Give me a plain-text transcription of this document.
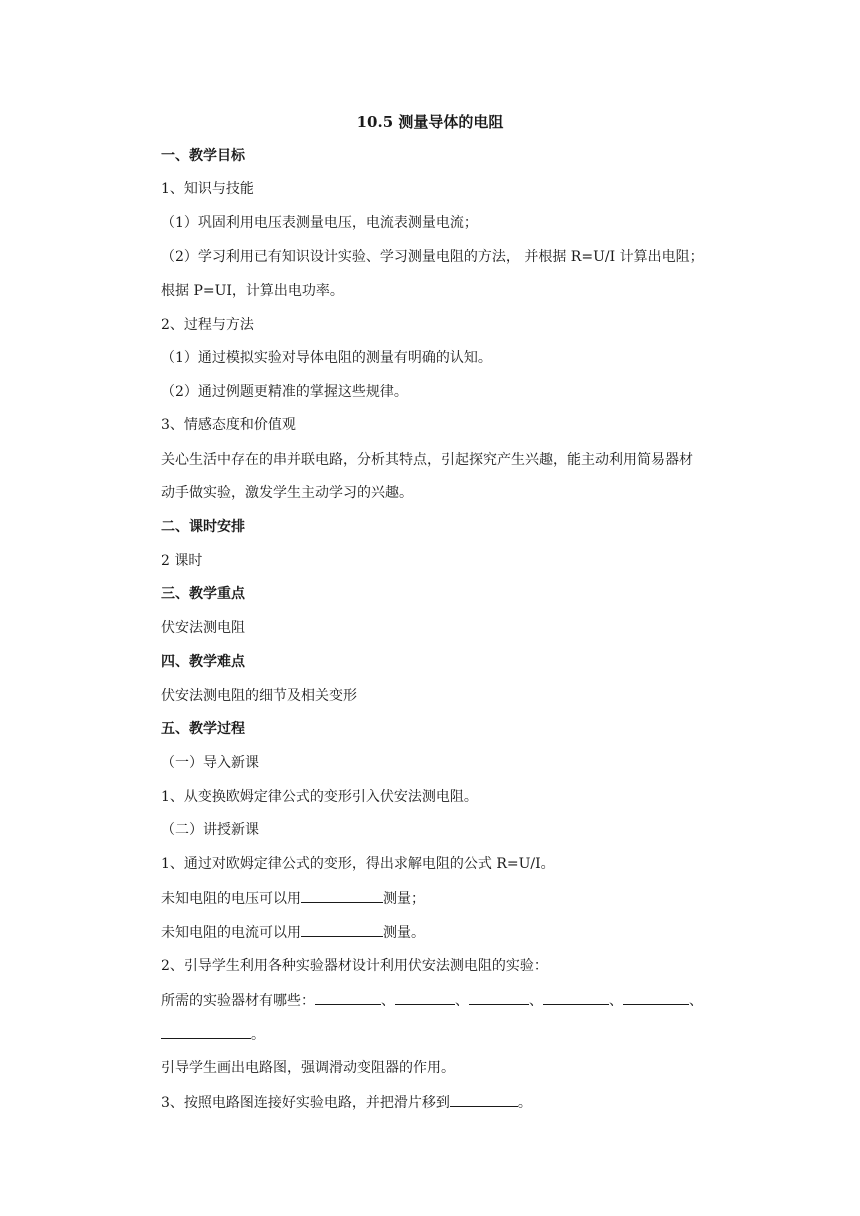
10.5 测量导体的电阻
一、教学目标
1、知识与技能
（1）巩固利用电压表测量电压，电流表测量电流；
（2）学习利用已有知识设计实验、学习测量电阻的方法， 并根据 R=U/I 计算出电阻；
根据 P=UI，计算出电功率。
2、过程与方法
（1）通过模拟实验对导体电阻的测量有明确的认知。
（2）通过例题更精准的掌握这些规律。
3、情感态度和价值观
关心生活中存在的串并联电路，分析其特点，引起探究产生兴趣，能主动利用简易器材
动手做实验，激发学生主动学习的兴趣。
二、课时安排
2 课时
三、教学重点
伏安法测电阻
四、教学难点
伏安法测电阻的细节及相关变形
五、教学过程
（一）导入新课
1、从变换欧姆定律公式的变形引入伏安法测电阻。
（二）讲授新课
1、通过对欧姆定律公式的变形，得出求解电阻的公式 R=U/I。
未知电阻的电压可以用	测量；
未知电阻的电流可以用	测量。
2、引导学生利用各种实验器材设计利用伏安法测电阻的实验：
所需的实验器材有哪些：	、	、	、	、	、
。
引导学生画出电路图，强调滑动变阻器的作用。
3、按照电路图连接好实验电路，并把滑片移到	。
